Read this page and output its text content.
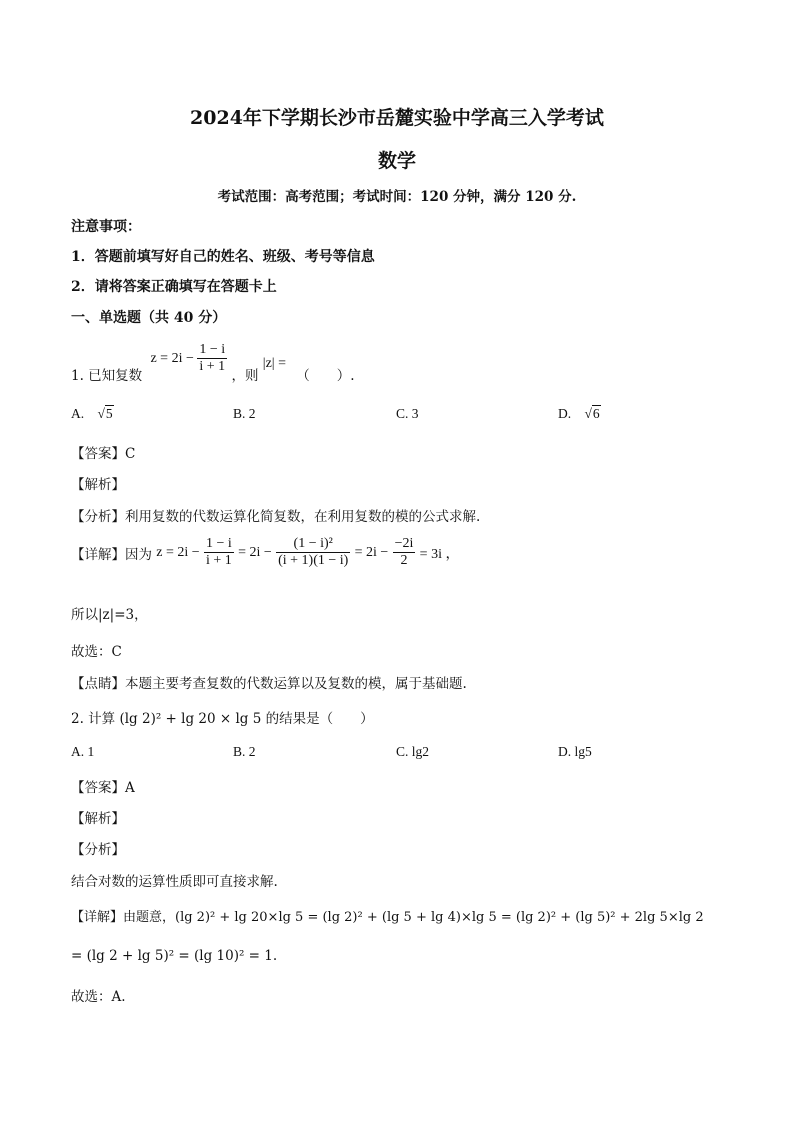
2024年下学期长沙市岳麓实验中学高三入学考试
数学
考试范围：高考范围；考试时间：120 分钟，满分 120 分.
注意事项：
1．答题前填写好自己的姓名、班级、考号等信息
2．请将答案正确填写在答题卡上
一、单选题（共 40 分）
1. 已知复数 $z = 2i - \frac{1 - i}{i + 1}$
，则 |z| = （　　）.
A. √5	B. 2	C. 3	D. √6
【答案】C
【解析】
【分析】利用复数的代数运算化简复数，在利用复数的模的公式求解.
【详解】因为 $z = 2i - \frac{1 - i}{i + 1} = 2i - \frac{\text{(1 − i)²}}{(i + 1)(1 - i)} = 2i - \frac{-2i}{2} = 3i$ ，
所以|z|=3，
故选：C
【点睛】本题主要考查复数的代数运算以及复数的模，属于基础题.
2. 计算 (lg 2)² + lg 20 × lg 5 的结果是（　　）
A. 1	B. 2	C. lg2	D. lg5
【答案】A
【解析】
【分析】
结合对数的运算性质即可直接求解.
【详解】由题意，(lg 2)² + lg 20×lg 5 = (lg 2)² + (lg 5 + lg 4)×lg 5 = (lg 2)² + (lg 5)² + 2lg 5×lg 2
= (lg 2 + lg 5)² = (lg 10)² = 1.
故选：A.
